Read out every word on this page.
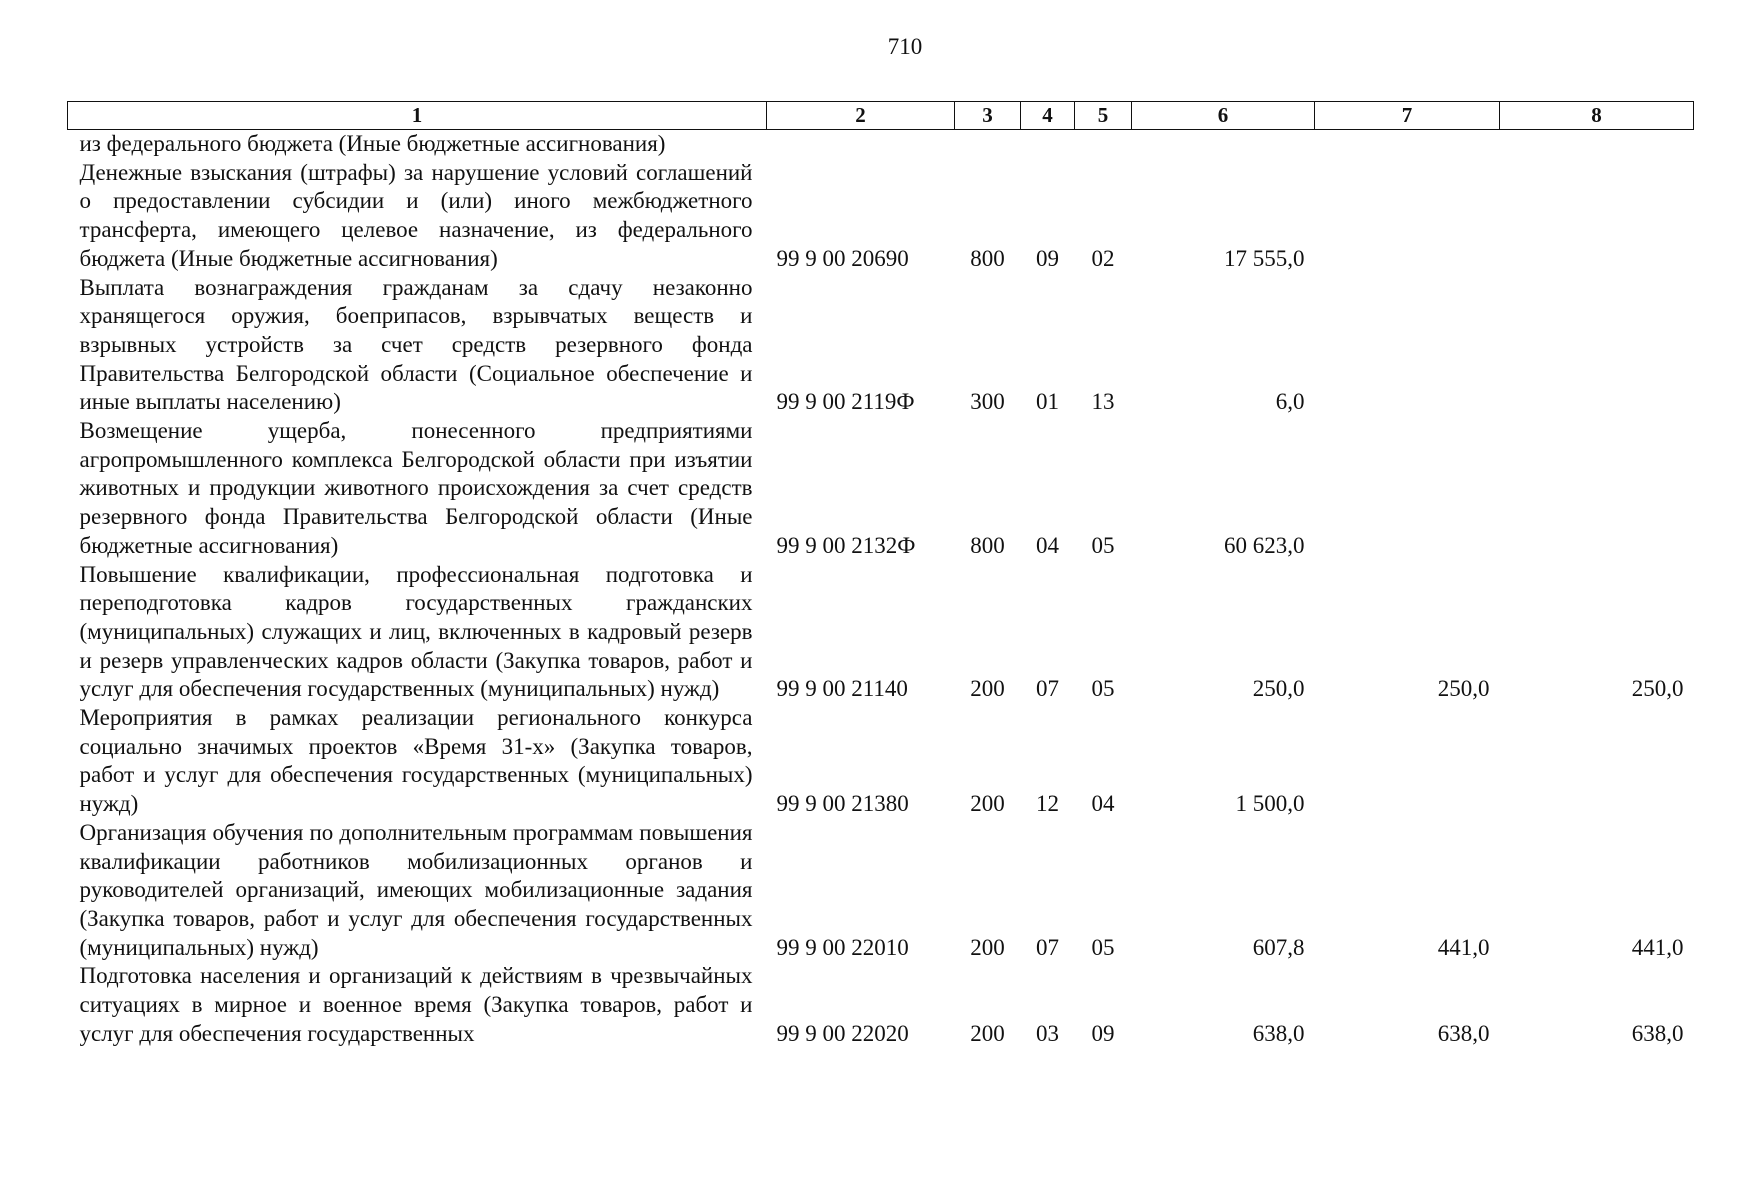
710
1	2	3	4	5	6	7	8
из федерального бюджета (Иные бюджетные ассигнования)							
Денежные взыскания (штрафы) за нарушение условий соглашений о предоставлении субсидии и (или) иного межбюджетного трансферта, имеющего целевое назначение, из федерального бюджета (Иные бюджетные ассигнования)	99 9 00 20690	800	09	02	17 555,0		
Выплата вознаграждения гражданам за сдачу незаконно хранящегося оружия, боеприпасов, взрывчатых веществ и взрывных устройств за счет средств резервного фонда Правительства Белгородской области (Социальное обеспечение и иные выплаты населению)	99 9 00 2119Ф	300	01	13	6,0		
Возмещение ущерба, понесенного предприятиями агропромышленного комплекса Белгородской области при изъятии животных и продукции животного происхождения за счет средств резервного фонда Правительства Белгородской области (Иные бюджетные ассигнования)	99 9 00 2132Ф	800	04	05	60 623,0		
Повышение квалификации, профессиональная подготовка и переподготовка кадров государственных гражданских (муниципальных) служащих и лиц, включенных в кадровый резерв и резерв управленческих кадров области (Закупка товаров, работ и услуг для обеспечения государственных (муниципальных) нужд)	99 9 00 21140	200	07	05	250,0	250,0	250,0
Мероприятия в рамках реализации регионального конкурса социально значимых проектов «Время 31-х» (Закупка товаров, работ и услуг для обеспечения государственных (муниципальных) нужд)	99 9 00 21380	200	12	04	1 500,0		
Организация обучения по дополнительным программам повышения квалификации работников мобилизационных органов и руководителей организаций, имеющих мобилизационные задания (Закупка товаров, работ и услуг для обеспечения государственных (муниципальных) нужд)	99 9 00 22010	200	07	05	607,8	441,0	441,0
Подготовка населения и организаций к действиям в чрезвычайных ситуациях в мирное и военное время (Закупка товаров, работ и услуг для обеспечения государственных	99 9 00 22020	200	03	09	638,0	638,0	638,0
